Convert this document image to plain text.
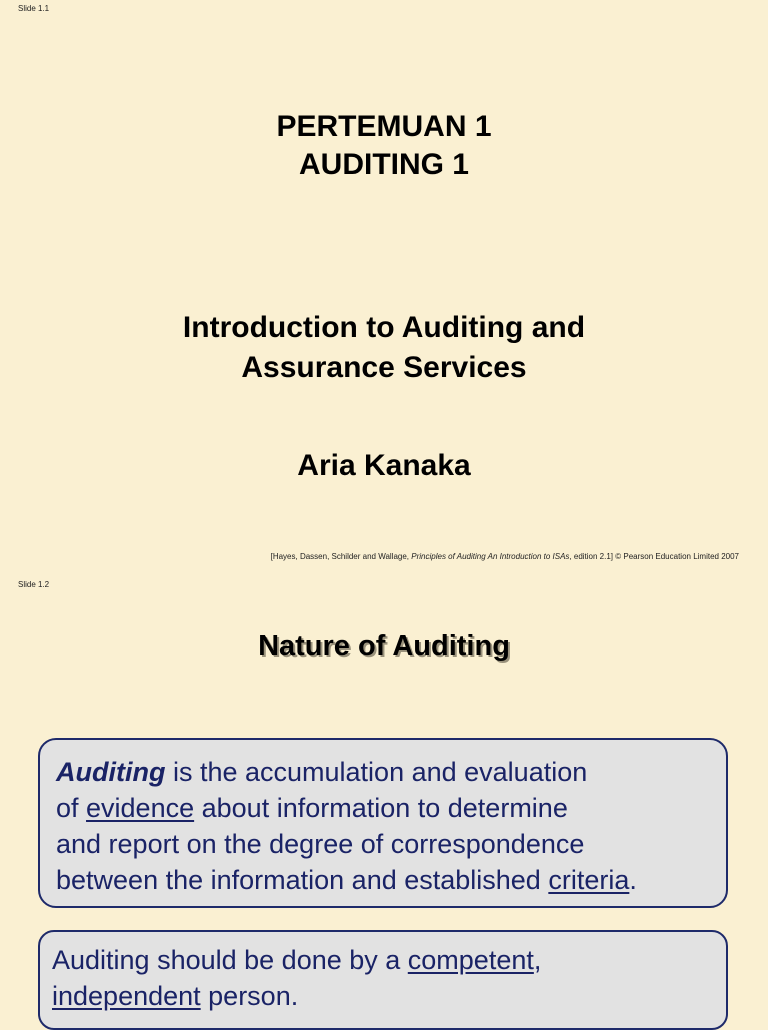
Slide 1.1
PERTEMUAN 1
AUDITING 1
Introduction to Auditing and
Assurance Services
Aria Kanaka
[Hayes, Dassen, Schilder and Wallage, Principles of Auditing An Introduction to ISAs, edition 2.1] © Pearson Education Limited 2007
Slide 1.2
Nature of Auditing
Auditing is the accumulation and evaluation
of evidence about information to determine
and report on the degree of correspondence
between the information and established criteria.
Auditing should be done by a competent,
independent person.
